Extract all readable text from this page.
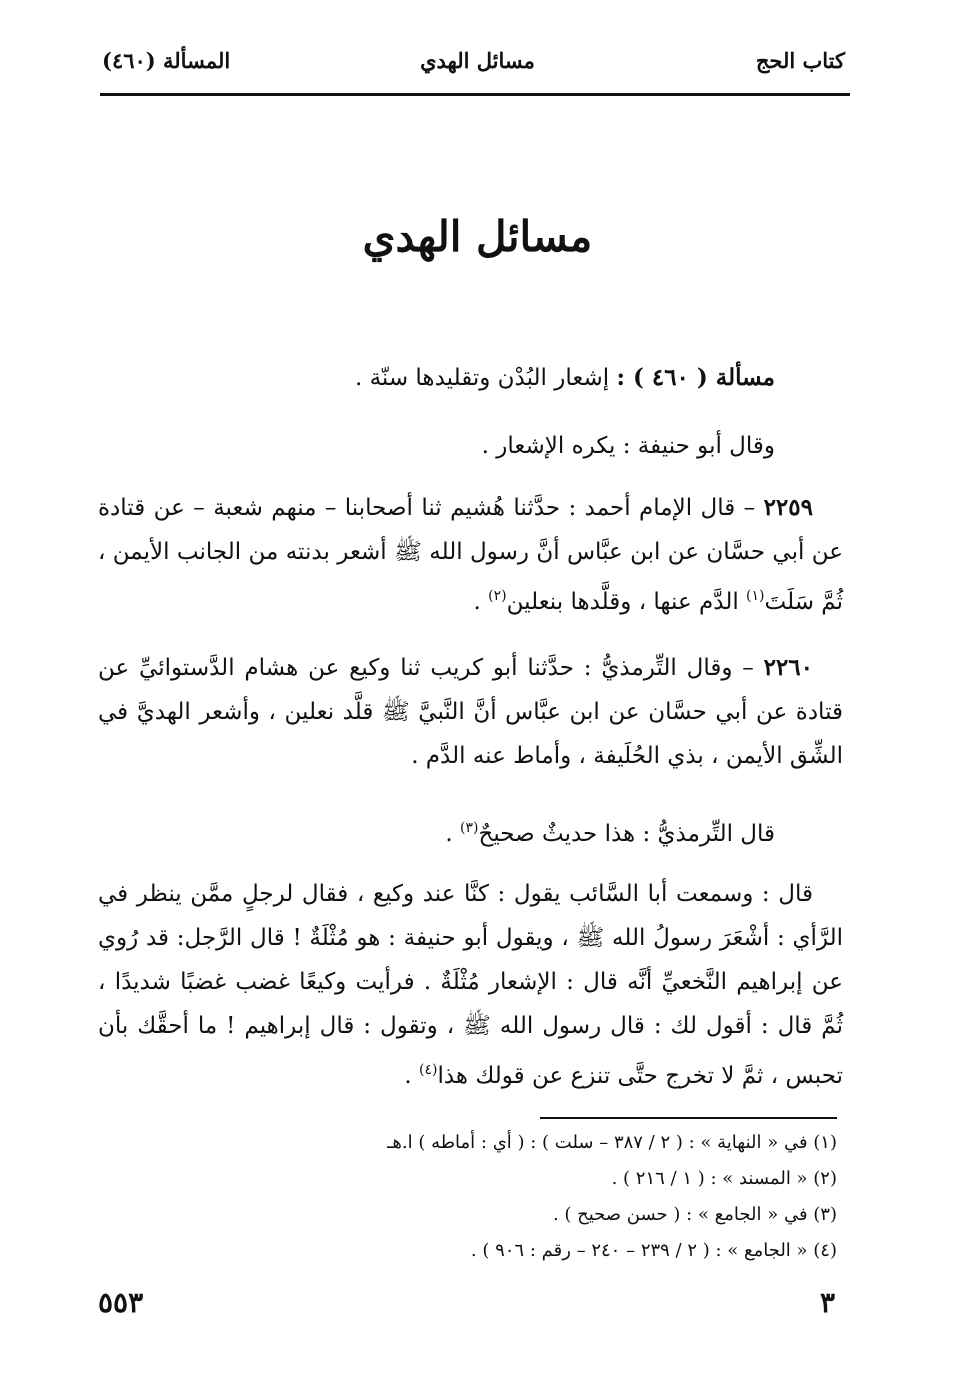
كتاب الحج
مسائل الهدي
المسألة (٤٦٠)
مسائل الهدي
مسألة ( ٤٦٠ ) : إشعار البُدْن وتقليدها سنّة .
وقال أبو حنيفة : يكره الإشعار .
٢٢٥٩ – قال الإمام أحمد : حدَّثنا هُشيم ثنا أصحابنا – منهم شعبة – عن قتادة عن أبي حسَّان عن ابن عبَّاس أنَّ رسول الله ﷺ أشعر بدنته من الجانب الأيمن ، ثُمَّ سَلَتَ$^{(١)}$ الدَّم عنها ، وقلَّدها بنعلين$^{(٢)}$ .
٢٢٦٠ – وقال التِّرمذيُّ : حدَّثنا أبو كريب ثنا وكيع عن هشام الدَّستوائيِّ عن قتادة عن أبي حسَّان عن ابن عبَّاس أنَّ النَّبيَّ ﷺ قلَّد نعلين ، وأشعر الهديَّ في الشِّق الأيمن ، بذي الحُلَيفة ، وأماط عنه الدَّم .
قال التِّرمذيُّ : هذا حديثٌ صحيحٌ$^{(٣)}$ .
قال : وسمعت أبا السَّائب يقول : كنَّا عند وكيع ، فقال لرجلٍ ممَّن ينظر في الرَّأي : أشْعَرَ رسولُ الله ﷺ ، ويقول أبو حنيفة : هو مُثْلَةٌ ! قال الرَّجل: قد رُوي عن إبراهيم النَّخعيِّ أنَّه قال : الإشعار مُثْلَةٌ . فرأيت وكيعًا غضب غضبًا شديدًا ، ثُمَّ قال : أقول لك : قال رسول الله ﷺ ، وتقول : قال إبراهيم ! ما أحقَّك بأن تحبس ، ثمَّ لا تخرج حتَّى تنزع عن قولك هذا$^{(٤)}$ .
(١) في « النهاية » : ( ٢ / ٣٨٧ – سلت ) : ( أي : أماطه ) ا.هـ
(٢) « المسند » : ( ١ / ٢١٦ ) .
(٣) في « الجامع » : ( حسن صحيح ) .
(٤) « الجامع » : ( ٢ / ٢٣٩ – ٢٤٠ – رقم : ٩٠٦ ) .
٥٥٣	٣
